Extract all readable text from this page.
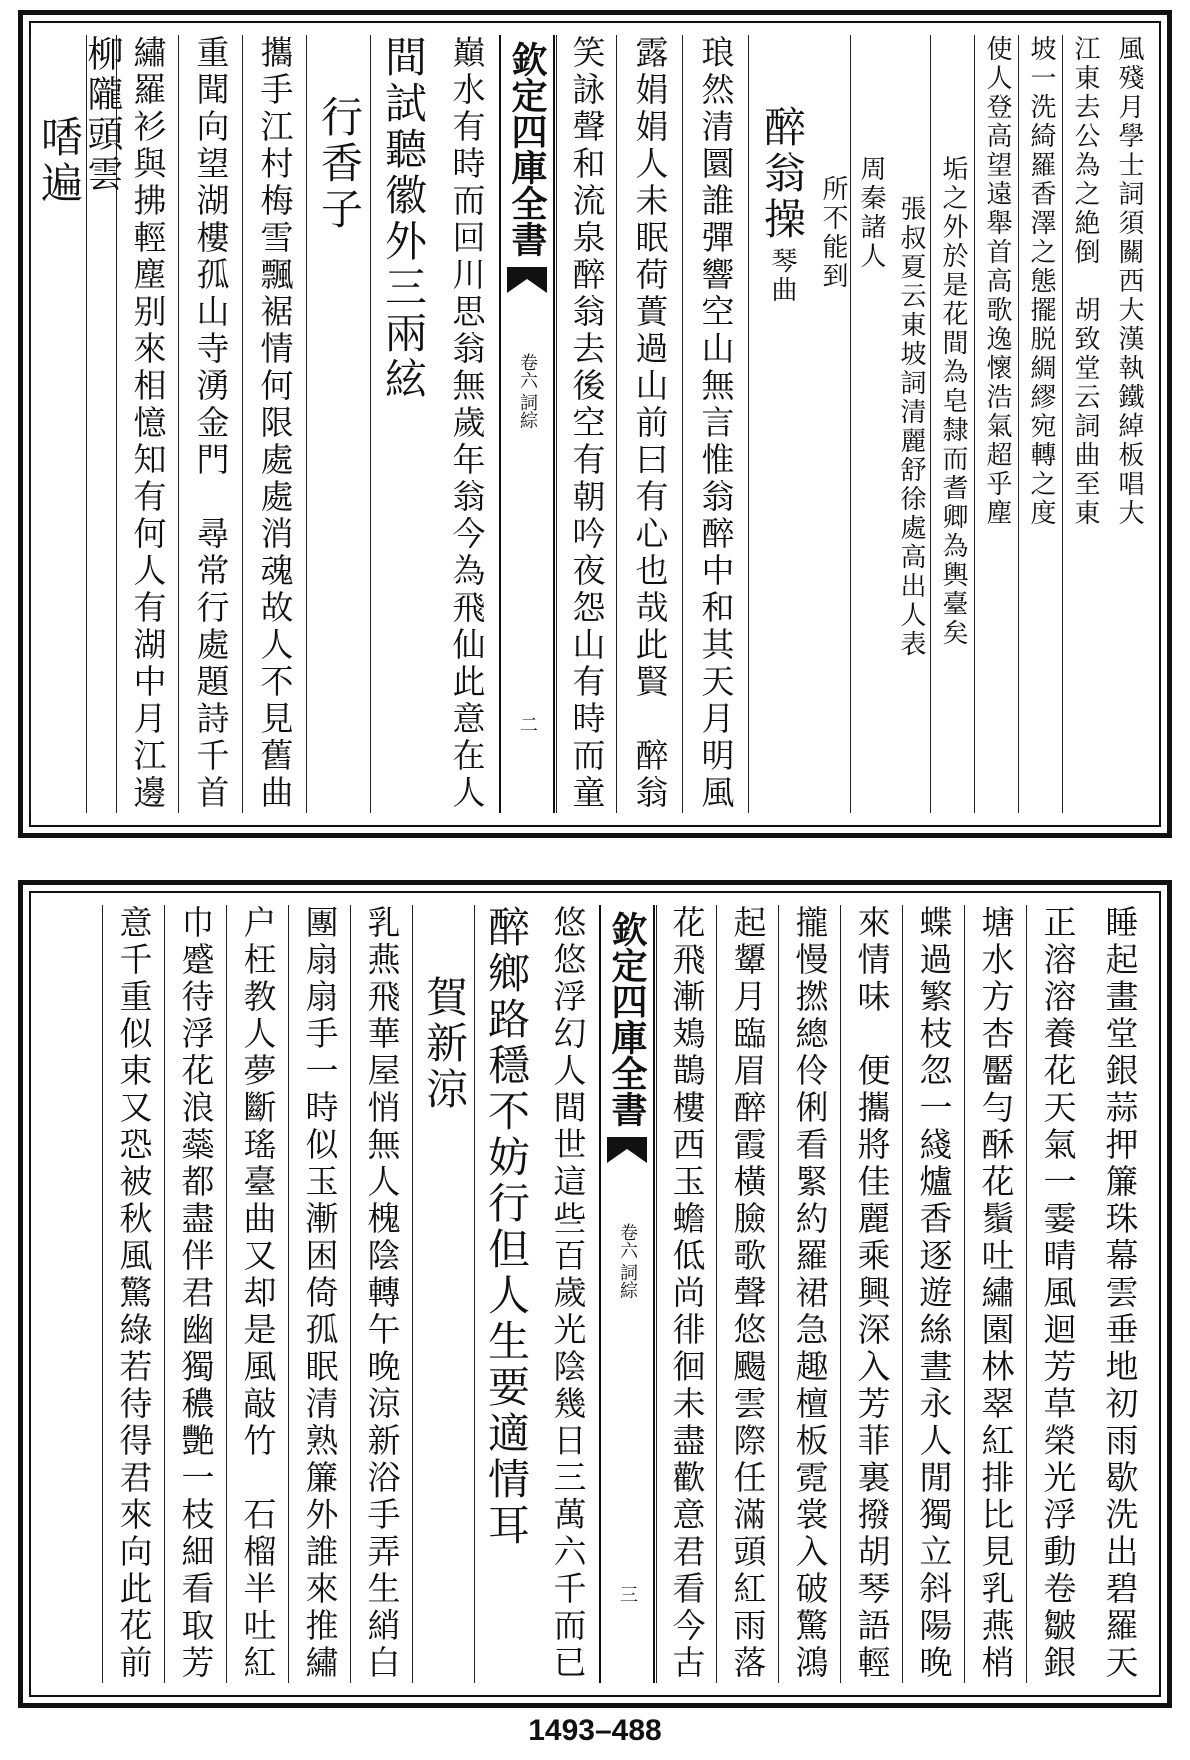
風殘月學士詞須關西大漢執鐵綽板唱大
江東去公為之絶倒　胡致堂云詞曲至東
坡一洗綺羅香澤之態擺脱綢繆宛轉之度
使人登高望遠舉首高歌逸懷浩氣超乎塵
垢之外於是花間為皂隸而耆卿為輿臺矣
張叔夏云東坡詞清麗舒徐處高出人表
周秦諸人
所不能到
醉翁操
琴曲
琅然清圜誰彈響空山無言惟翁醉中和其天月明風
露娟娟人未眠荷蕢過山前曰有心也哉此賢　醉翁
笑詠聲和流泉醉翁去後空有朝吟夜怨山有時而童
欽定四庫全書
詞綜
卷六
二
巔水有時而回川思翁無歲年翁今為飛仙此意在人
間試聽徽外三兩絃
行香子
攜手江村梅雪飄裾情何限處處消魂故人不見舊曲
重聞向望湖樓孤山寺湧金門　尋常行處題詩千首
繡羅衫與拂輕塵别來相憶知有何人有湖中月江邊
柳隴頭雲
㗍遍
睡起畫堂銀蒜押簾珠幕雲垂地初雨歇洗出碧羅天
正溶溶養花天氣一霎晴風迴芳草榮光浮動卷皺銀
塘水方杏靨勻酥花鬚吐繡園林翠紅排比見乳燕梢
蝶過繁枝忽一綫爐香逐遊絲晝永人閒獨立斜陽晚
來情味　便攜將佳麗乘興深入芳菲裏撥胡琴語輕
攏慢撚總伶俐看緊約羅裙急趣檀板霓裳入破驚鴻
起顰月臨眉醉霞橫臉歌聲悠颺雲際任滿頭紅雨落
花飛漸鳷鵲樓西玉蟾低尚徘徊未盡歡意君看今古
欽定四庫全書
詞綜
卷六
三
悠悠浮幻人間世這些百歲光陰幾日三萬六千而已
醉鄉路穩不妨行但人生要適情耳
賀新涼
乳燕飛華屋悄無人槐陰轉午晚涼新浴手弄生綃白
團扇扇手一時似玉漸困倚孤眠清熟簾外誰來推繡
户枉教人夢斷瑤臺曲又却是風敲竹　石榴半吐紅
巾蹙待浮花浪蘂都盡伴君幽獨穠艷一枝細看取芳
意千重似束又恐被秋風驚綠若待得君來向此花前
1493–488
